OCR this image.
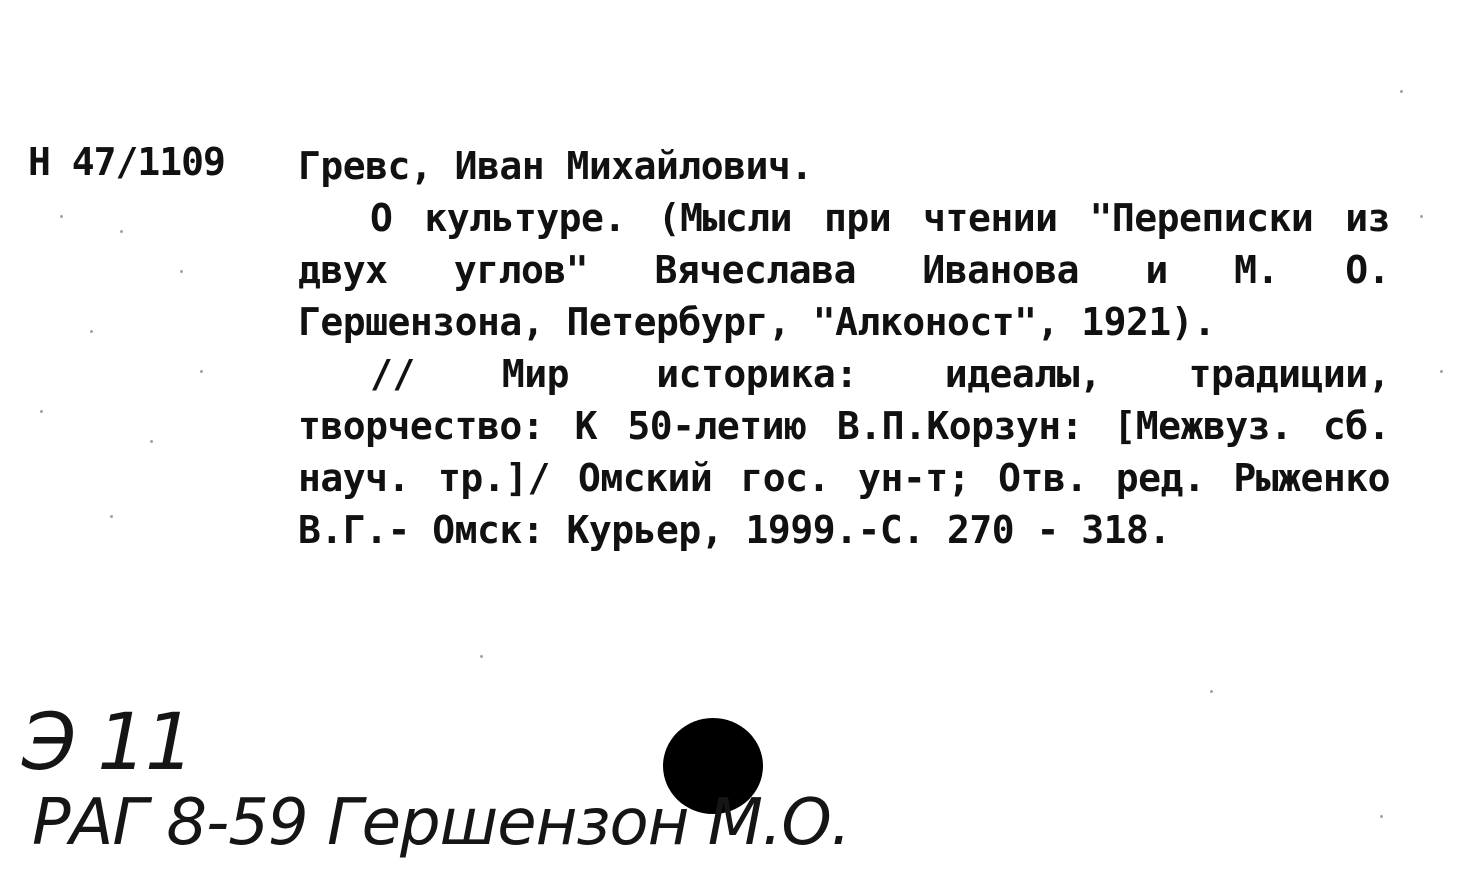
Н 47/1109 Гревс, Иван Михайлович.
О культуре. (Мысли при чтении "Переписки из двух углов" Вячеслава Иванова и М. О. Гершензона, Петербург, "Алконост", 1921).
// Мир историка: идеалы, традиции, творчество: К 50-летию В.П.Корзун: [Межвуз. сб. науч. тр.]/ Омский гос. ун-т; Отв. ред. Рыженко В.Г.- Омск: Курьер, 1999.-С. 270 - 318.
Э 11
РАГ 8-59 Гершензон М.О.
